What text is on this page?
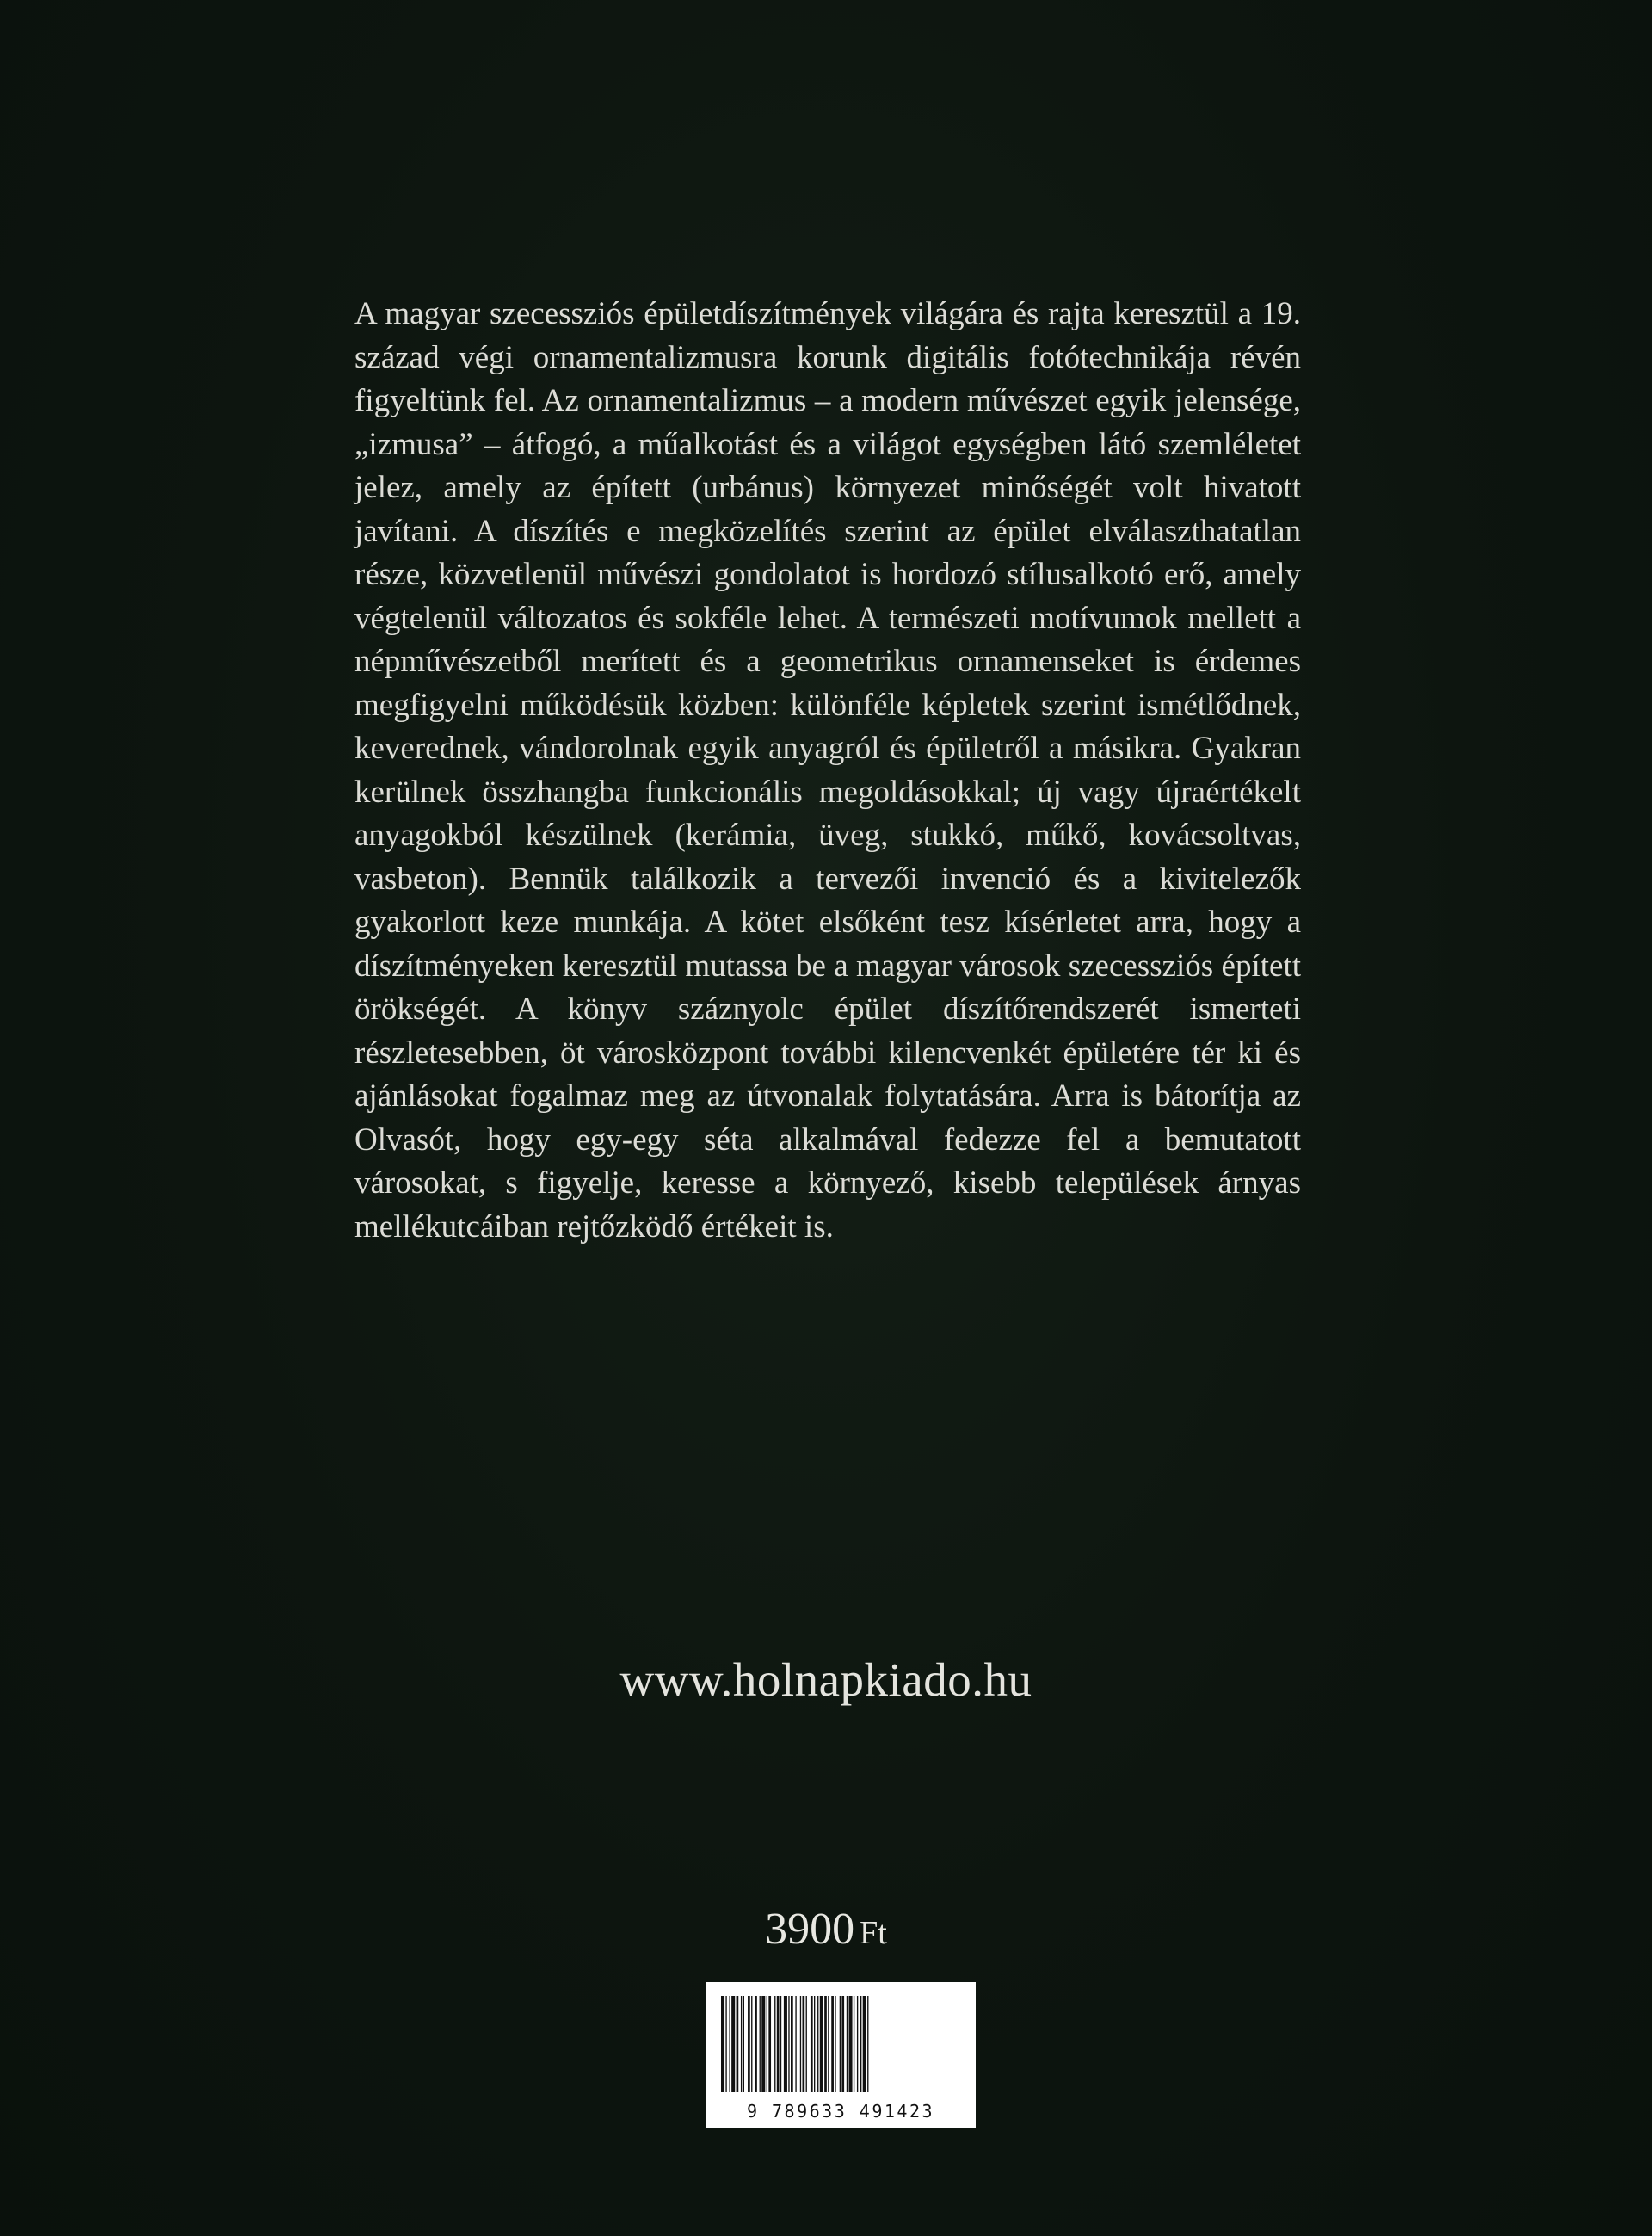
A magyar szecessziós épületdíszítmények világára és rajta keresztül a 19. század végi ornamentalizmusra korunk digitális fotótechnikája révén figyeltünk fel. Az ornamentalizmus – a modern művészet egyik jelensége, „izmusa” – átfogó, a műalkotást és a világot egységben látó szemléletet jelez, amely az épített (urbánus) környezet minőségét volt hivatott javítani. A díszítés e megközelítés szerint az épület elválaszthatatlan része, közvetlenül művészi gondolatot is hordozó stílusalkotó erő, amely végtelenül változatos és sokféle lehet. A természeti motívumok mellett a népművészetből merített és a geometrikus ornamenseket is érdemes megfigyelni működésük közben: különféle képletek szerint ismétlődnek, keverednek, vándorolnak egyik anyagról és épületről a másikra. Gyakran kerülnek összhangba funkcionális megoldásokkal; új vagy újraértékelt anyagokból készülnek (kerámia, üveg, stukkó, műkő, kovácsoltvas, vasbeton). Bennük találkozik a tervezői invenció és a kivitelezők gyakorlott keze munkája. A kötet elsőként tesz kísérletet arra, hogy a díszítményeken keresztül mutassa be a magyar városok szecessziós épített örökségét. A könyv száznyolc épület díszítőrendszerét ismerteti részletesebben, öt városközpont további kilencvenkét épületére tér ki és ajánlásokat fogalmaz meg az útvonalak folytatására. Arra is bátorítja az Olvasót, hogy egy-egy séta alkalmával fedezze fel a bemutatott városokat, s figyelje, keresse a környező, kisebb települések árnyas mellékutcáiban rejtőzködő értékeit is.

www.holnapkiado.hu
3900 Ft
9 789633 491423
